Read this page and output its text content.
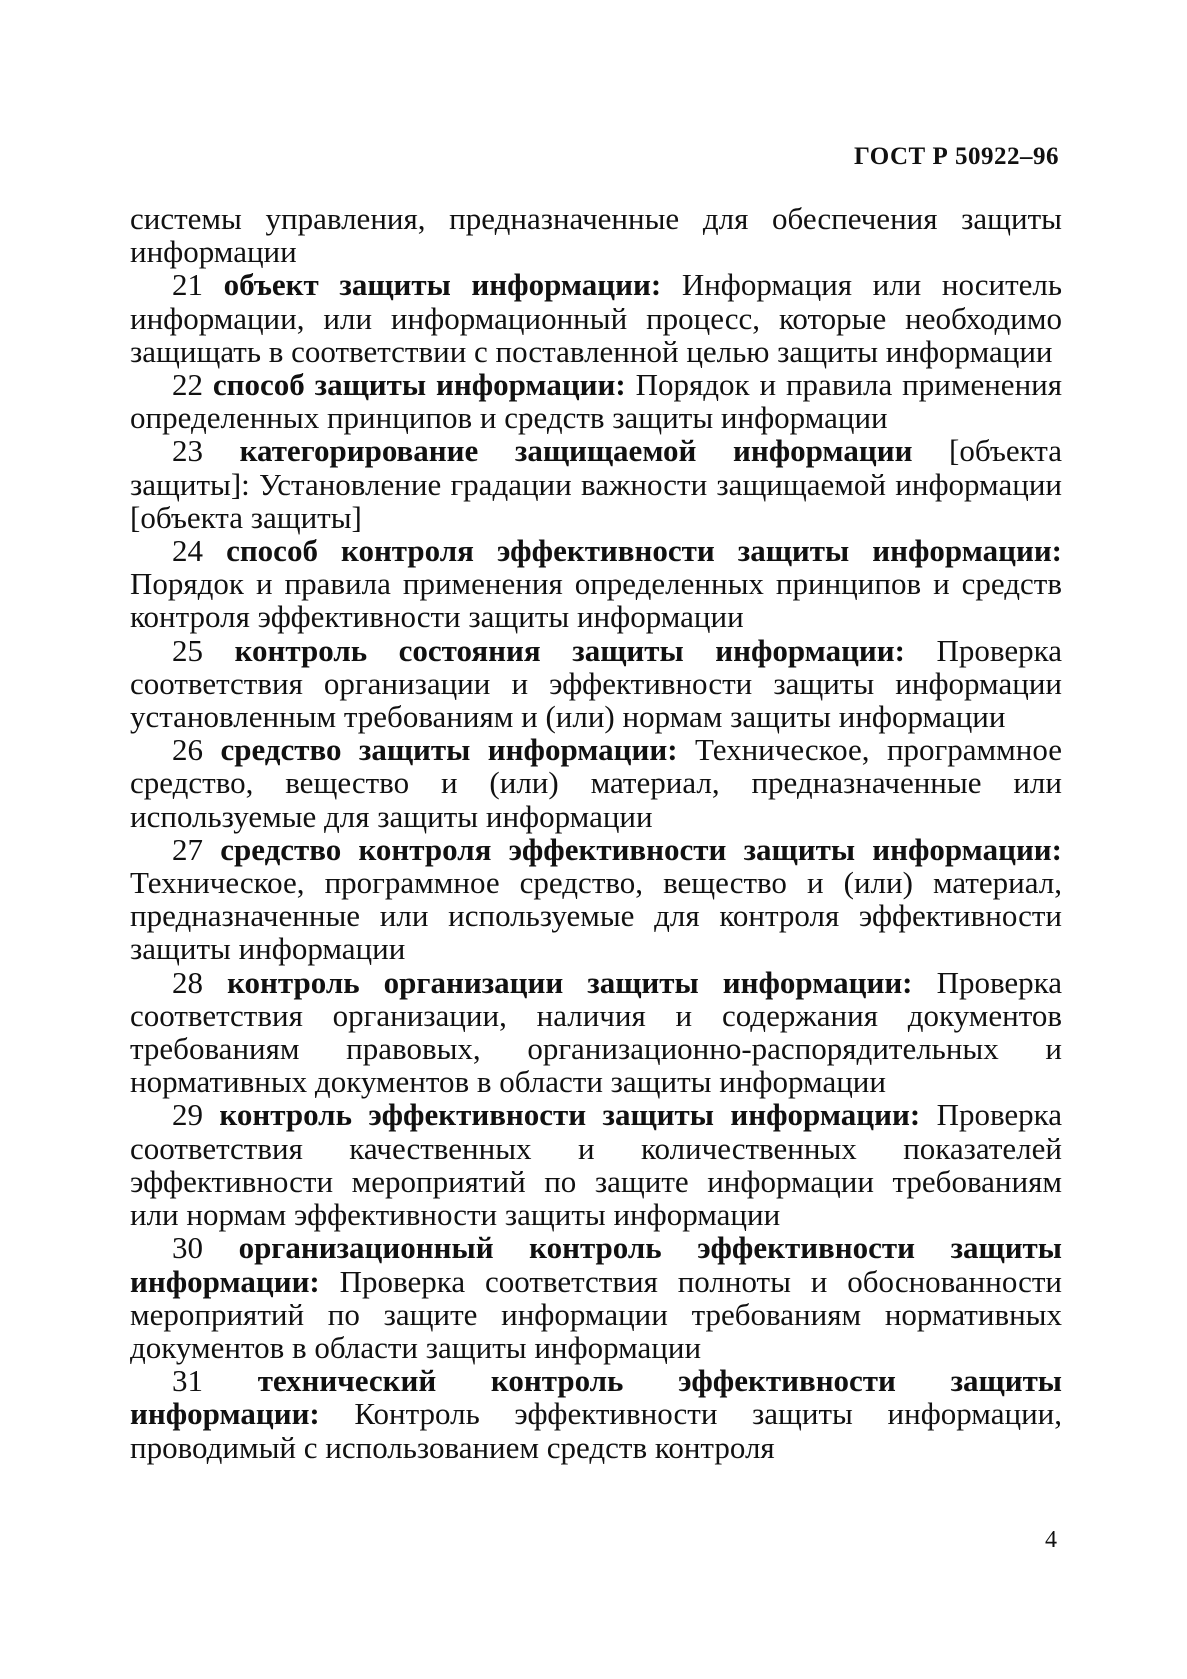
ГОСТ Р 50922–96

системы управления, предназначенные для обеспечения защиты информации

21 объект защиты информации: Информация или носитель информации, или информационный процесс, которые необходимо защищать в соответствии с поставленной целью защиты информации

22 способ защиты информации: Порядок и правила применения определенных принципов и средств защиты информации

23 категорирование защищаемой информации [объекта защиты]: Установление градации важности защищаемой информации [объекта защиты]

24 способ контроля эффективности защиты информации: Порядок и правила применения определенных принципов и средств контроля эффективности защиты информации

25 контроль состояния защиты информации: Проверка соответствия организации и эффективности защиты информации установленным требованиям и (или) нормам защиты информации

26 средство защиты информации: Техническое, программное средство, вещество и (или) материал, предназначенные или используемые для защиты информации

27 средство контроля эффективности защиты информации: Техническое, программное средство, вещество и (или) материал, предназначенные или используемые для контроля эффективности защиты информации

28 контроль организации защиты информации: Проверка соответствия организации, наличия и содержания документов требованиям правовых, организационно-распорядительных и нормативных документов в области защиты информации

29 контроль эффективности защиты информации: Проверка соответствия качественных и количественных показателей эффективности мероприятий по защите информации требованиям или нормам эффективности защиты информации

30 организационный контроль эффективности защиты информации: Проверка соответствия полноты и обоснованности мероприятий по защите информации требованиям нормативных документов в области защиты информации

31 технический контроль эффективности защиты информации: Контроль эффективности защиты информации, проводимый с использованием средств контроля

4
